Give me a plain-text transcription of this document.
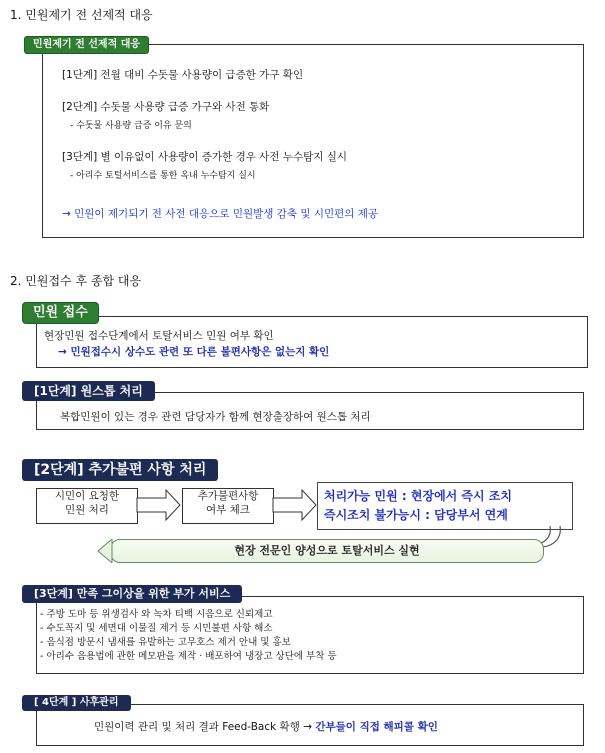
1. 민원제기 전 선제적 대응
민원제기 전 선제적 대응
[1단계] 전월 대비 수돗물 사용량이 급증한 가구 확인
[2단계] 수돗물 사용량 급증 가구와 사전 통화
- 수돗물 사용량 급증 이유 문의
[3단계] 별 이유없이 사용량이 증가한 경우 사전 누수탐지 실시
- 아리수 토털서비스를 통한 옥내 누수탐지 실시
→ 민원이 제기되기 전 사전 대응으로 민원발생 감축 및 시민편의 제공
2. 민원접수 후 종합 대응
민원 접수
현장민원 접수단계에서 토탈서비스 민원 여부 확인
→ 민원접수시 상수도 관련 또 다른 불편사항은 없는지 확인
[1단계] 원스톱 처리
복합민원이 있는 경우 관련 담당자가 함께 현장출장하여 원스톱 처리
[2단계] 추가불편 사항 처리
시민이 요청한
민원 처리
추가불편사항
여부 체크
처리가능 민원 : 현장에서 즉시 조치
즉시조치 불가능시 : 담당부서 연계
현장 전문인 양성으로 토탈서비스 실현
[3단계] 만족 그이상을 위한 부가 서비스
- 주방 도마 등 위생검사 와 녹차 티백 시음으로 신뢰제고
- 수도꼭지 및 세면대 이물질 제거 등 시민불편 사항 해소
- 음식점 방문시 냄새를 유발하는 고무호스 제거 안내 및 홍보
- 아리수 음용법에 관한 메모판을 제작 · 배포하여 냉장고 상단에 부착 등
[ 4단계 ] 사후관리
민원이력 관리 및 처리 결과 Feed-Back 확행 → 간부들이 직접 해피콜 확인
